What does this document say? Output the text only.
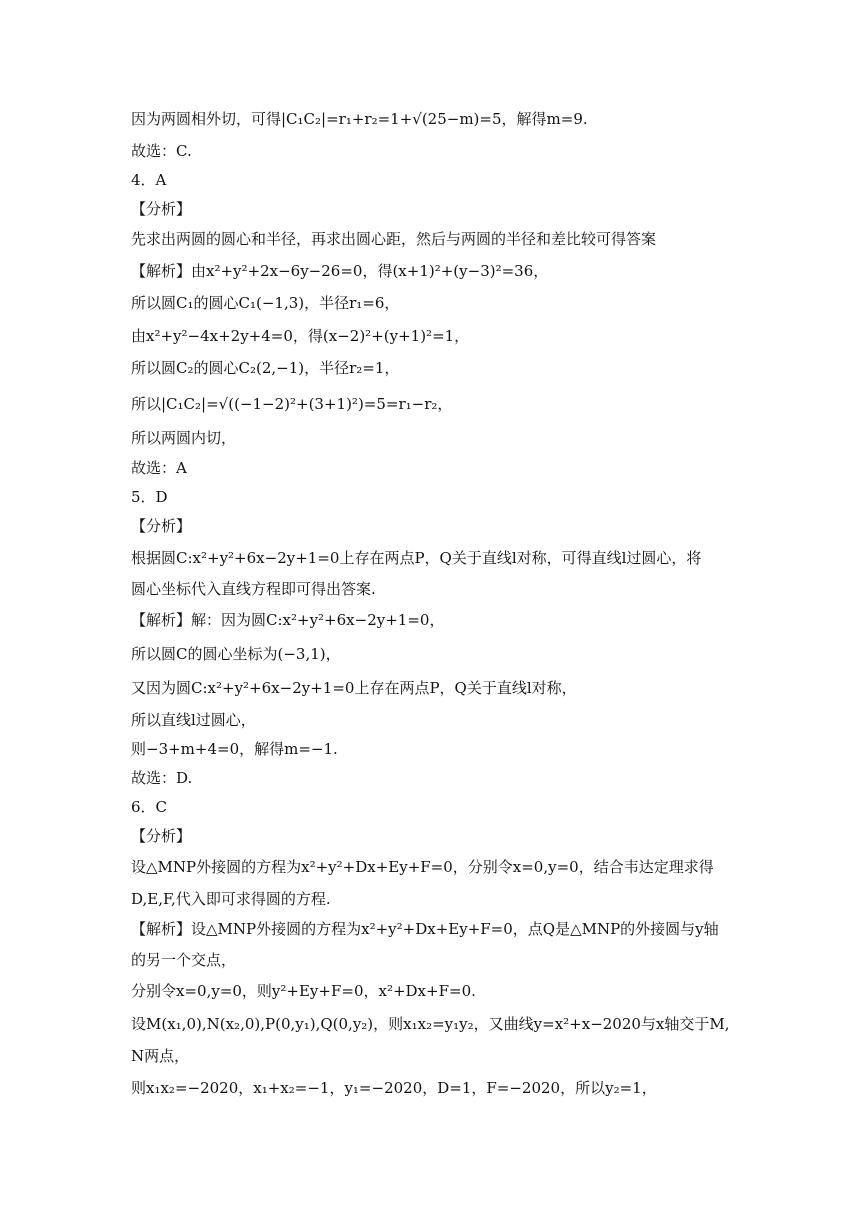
因为两圆相外切，可得|C₁C₂|=r₁+r₂=1+√(25−m)=5，解得m=9.
故选：C.
4．A
【分析】
先求出两圆的圆心和半径，再求出圆心距，然后与两圆的半径和差比较可得答案
【解析】由x²+y²+2x−6y−26=0，得(x+1)²+(y−3)²=36，
所以圆C₁的圆心C₁(−1,3)，半径r₁=6，
由x²+y²−4x+2y+4=0，得(x−2)²+(y+1)²=1，
所以圆C₂的圆心C₂(2,−1)，半径r₂=1，
所以|C₁C₂|=√((−1−2)²+(3+1)²)=5=r₁−r₂，
所以两圆内切，
故选：A
5．D
【分析】
根据圆C:x²+y²+6x−2y+1=0上存在两点P，Q关于直线l对称，可得直线l过圆心，将
圆心坐标代入直线方程即可得出答案.
【解析】解：因为圆C:x²+y²+6x−2y+1=0，
所以圆C的圆心坐标为(−3,1)，
又因为圆C:x²+y²+6x−2y+1=0上存在两点P，Q关于直线l对称，
所以直线l过圆心，
则−3+m+4=0，解得m=−1.
故选：D.
6．C
【分析】
设△MNP外接圆的方程为x²+y²+Dx+Ey+F=0，分别令x=0,y=0，结合韦达定理求得
D,E,F,代入即可求得圆的方程.
【解析】设△MNP外接圆的方程为x²+y²+Dx+Ey+F=0，点Q是△MNP的外接圆与y轴
的另一个交点，
分别令x=0,y=0，则y²+Ey+F=0，x²+Dx+F=0.
设M(x₁,0),N(x₂,0),P(0,y₁),Q(0,y₂)，则x₁x₂=y₁y₂，又曲线y=x²+x−2020与x轴交于M,
N两点，
则x₁x₂=−2020，x₁+x₂=−1，y₁=−2020，D=1，F=−2020，所以y₂=1，
